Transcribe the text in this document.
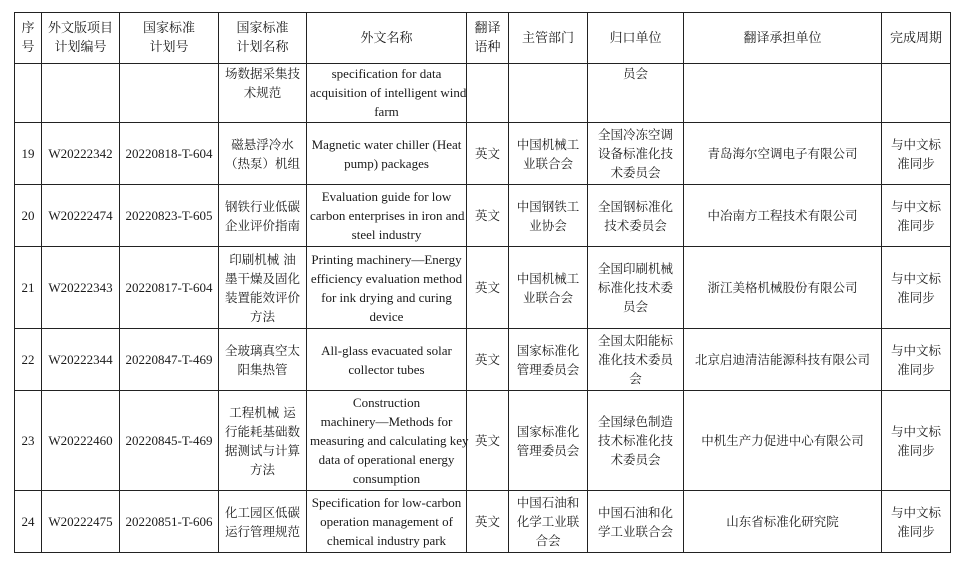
序
号	外文版项目
计划编号	国家标准
计划号	国家标准
计划名称	外文名称	翻译
语种	主管部门	归口单位	翻译承担单位	完成周期

			场数据采集技
术规范	specification for data
acquisition of intelligent wind
farm			员会		

19	W20222342	20220818-T-604	磁悬浮冷水
（热泵）机组	Magnetic water chiller (Heat
pump) packages	英文	中国机械工
业联合会	全国冷冻空调
设备标准化技
术委员会	青岛海尔空调电子有限公司	与中文标
准同步

20	W20222474	20220823-T-605	钢铁行业低碳
企业评价指南	Evaluation guide for low
carbon enterprises in iron and
steel industry	英文	中国钢铁工
业协会	全国钢标准化
技术委员会	中冶南方工程技术有限公司	与中文标
准同步

21	W20222343	20220817-T-604	印刷机械 油
墨干燥及固化
装置能效评价
方法	Printing machinery—Energy
efficiency evaluation method
for ink drying and curing
device	英文	中国机械工
业联合会	全国印刷机械
标准化技术委
员会	浙江美格机械股份有限公司	与中文标
准同步

22	W20222344	20220847-T-469	全玻璃真空太
阳集热管	All-glass evacuated solar
collector tubes	英文	国家标准化
管理委员会	全国太阳能标
准化技术委员
会	北京启迪清洁能源科技有限公司	与中文标
准同步

23	W20222460	20220845-T-469	工程机械 运
行能耗基础数
据测试与计算
方法	Construction
machinery—Methods for
measuring and calculating key
data of operational energy
consumption	英文	国家标准化
管理委员会	全国绿色制造
技术标准化技
术委员会	中机生产力促进中心有限公司	与中文标
准同步

24	W20222475	20220851-T-606	化工园区低碳
运行管理规范	Specification for low-carbon
operation management of
chemical industry park	英文	中国石油和
化学工业联
合会	中国石油和化
学工业联合会	山东省标准化研究院	与中文标
准同步
